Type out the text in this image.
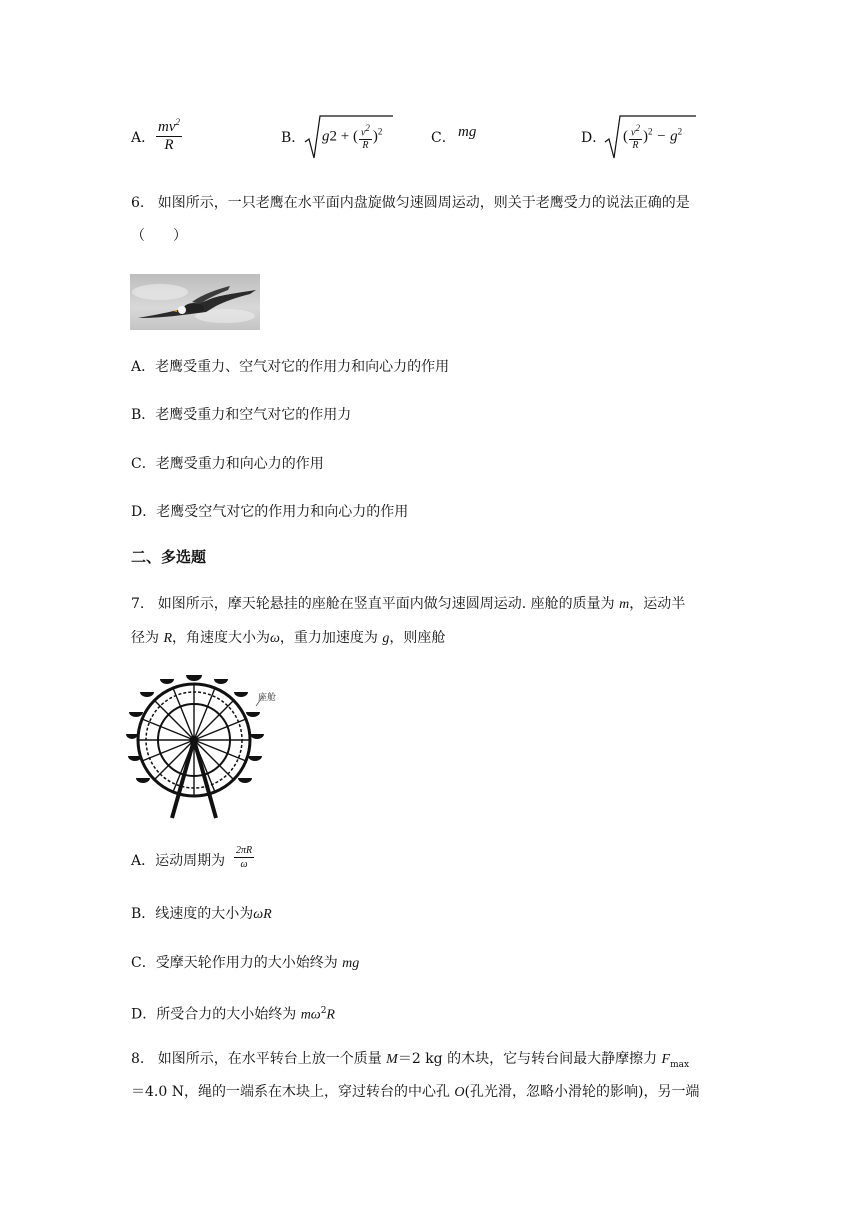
A． $\frac{mv^2}{R}$	B． g2 + ( $\frac{v^2}{R} )^2$	C． mg	D． ( $\frac{v^2}{R} )^2 - g^2$
6. 如图所示，一只老鹰在水平面内盘旋做匀速圆周运动，则关于老鹰受力的说法正确的是
（　　）
A．老鹰受重力、空气对它的作用力和向心力的作用
B．老鹰受重力和空气对它的作用力
C．老鹰受重力和向心力的作用
D．老鹰受空气对它的作用力和向心力的作用
二、多选题
7. 如图所示，摩天轮悬挂的座舱在竖直平面内做匀速圆周运动. 座舱的质量为 m，运动半
径为 R，角速度大小为ω，重力加速度为 g，则座舱
座舱
A．运动周期为 $\frac{2\pi R}{\omega}$
B．线速度的大小为ωR
C．受摩天轮作用力的大小始终为 mg
D．所受合力的大小始终为 $m\omega^2R$
8. 如图所示，在水平转台上放一个质量 M＝2 kg 的木块，它与转台间最大静摩擦力 $F_{max}$
＝4.0 N，绳的一端系在木块上，穿过转台的中心孔 O(孔光滑，忽略小滑轮的影响)，另一端
